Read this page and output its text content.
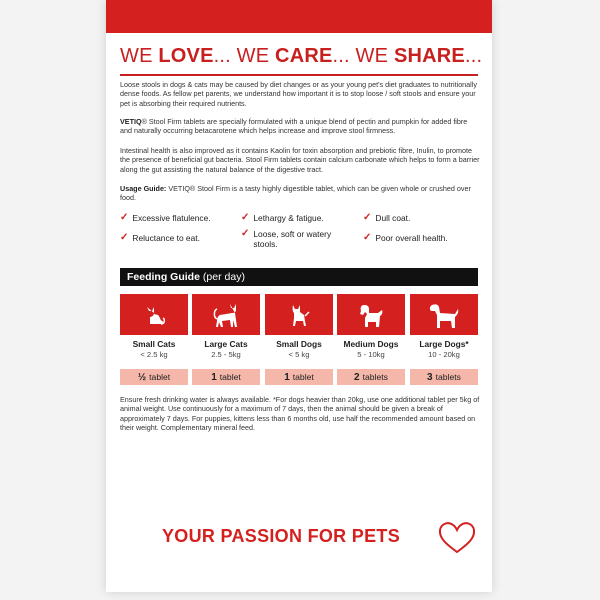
WE LOVE... WE CARE... WE SHARE...
Loose stools in dogs & cats may be caused by diet changes or as your young pet's diet graduates to nutritionally dense foods. As fellow pet parents, we understand how important it is to stop loose / soft stools and ensure your pet is absorbing their required nutrients.
VETIQ® Stool Firm tablets are specially formulated with a unique blend of pectin and pumpkin for added fibre and naturally occurring betacarotene which helps increase and improve stool firmness.
Intestinal health is also improved as it contains Kaolin for toxin absorption and prebiotic fibre, Inulin, to promote the presence of beneficial gut bacteria. Stool Firm tablets contain calcium carbonate which helps to form a barrier along the gut assisting the natural balance of the digestive tract.
Usage Guide: VETIQ® Stool Firm is a tasty highly digestible tablet, which can be given whole or crushed over food.
✓ Excessive flatulence.
✓ Reluctance to eat.
✓ Lethargy & fatigue.
✓ Loose, soft or watery stools.
✓ Dull coat.
✓ Poor overall health.
Feeding Guide (per day)
Small Cats
< 2.5 kg
½ tablet
Large Cats
2.5 - 5kg
1 tablet
Small Dogs
< 5 kg
1 tablet
Medium Dogs
5 - 10kg
2 tablets
Large Dogs*
10 - 20kg
3 tablets
Ensure fresh drinking water is always available. *For dogs heavier than 20kg, use one additional tablet per 5kg of animal weight. Use continuously for a maximum of 7 days, then the animal should be given a break of approximately 7 days. For puppies, kittens less than 6 months old, use half the recommended amount based on their weight. Complementary mineral feed.
YOUR PASSION FOR PETS
